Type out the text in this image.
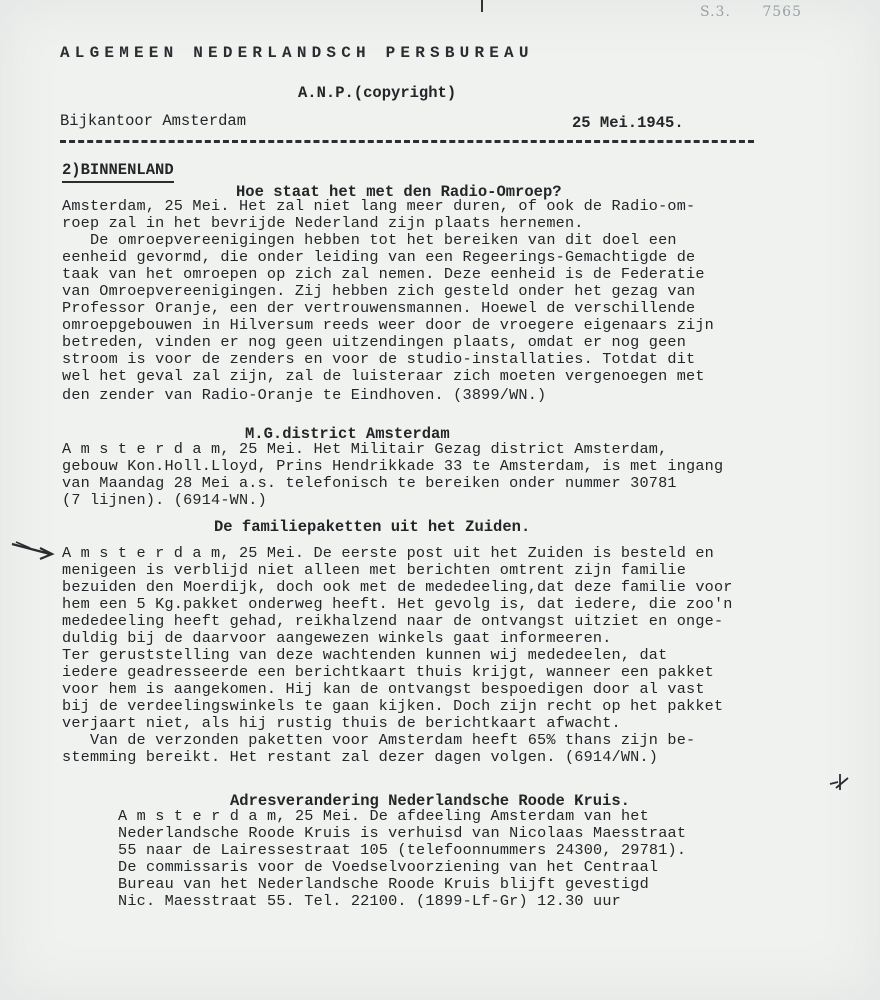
S.3. 7565
ALGEMEEN NEDERLANDSCH PERSBUREAU
A.N.P.(copyright)
Bijkantoor Amsterdam	25 Mei.1945.
2)BINNENLAND
Hoe staat het met den Radio-Omroep?
Amsterdam, 25 Mei. Het zal niet lang meer duren, of ook de Radio-om-
roep zal in het bevrijde Nederland zijn plaats hernemen.
De omroepvereenigingen hebben tot het bereiken van dit doel een
eenheid gevormd, die onder leiding van een Regeerings-Gemachtigde de
taak van het omroepen op zich zal nemen. Deze eenheid is de Federatie
van Omroepvereenigingen. Zij hebben zich gesteld onder het gezag van
Professor Oranje, een der vertrouwensmannen. Hoewel de verschillende
omroepgebouwen in Hilversum reeds weer door de vroegere eigenaars zijn
betreden, vinden er nog geen uitzendingen plaats, omdat er nog geen
stroom is voor de zenders en voor de studio-installaties. Totdat dit
wel het geval zal zijn, zal de luisteraar zich moeten vergenoegen met
den zender van Radio-Oranje te Eindhoven. (3899/WN.)
M.G.district Amsterdam
A m s t e r d a m, 25 Mei. Het Militair Gezag district Amsterdam,
gebouw Kon.Holl.Lloyd, Prins Hendrikkade 33 te Amsterdam, is met ingang
van Maandag 28 Mei a.s. telefonisch te bereiken onder nummer 30781
(7 lijnen). (6914-WN.)
De familiepaketten uit het Zuiden.
A m s t e r d a m, 25 Mei. De eerste post uit het Zuiden is besteld en
menigeen is verblijd niet alleen met berichten omtrent zijn familie
bezuiden den Moerdijk, doch ook met de mededeeling,dat deze familie voor
hem een 5 Kg.pakket onderweg heeft. Het gevolg is, dat iedere, die zoo'n
mededeeling heeft gehad, reikhalzend naar de ontvangst uitziet en onge-
duldig bij de daarvoor aangewezen winkels gaat informeeren.
Ter geruststelling van deze wachtenden kunnen wij mededeelen, dat
iedere geadresseerde een berichtkaart thuis krijgt, wanneer een pakket
voor hem is aangekomen. Hij kan de ontvangst bespoedigen door al vast
bij de verdeelingswinkels te gaan kijken. Doch zijn recht op het pakket
verjaart niet, als hij rustig thuis de berichtkaart afwacht.
Van de verzonden paketten voor Amsterdam heeft 65% thans zijn be-
stemming bereikt. Het restant zal dezer dagen volgen. (6914/WN.)
Adresverandering Nederlandsche Roode Kruis.
A m s t e r d a m, 25 Mei. De afdeeling Amsterdam van het
Nederlandsche Roode Kruis is verhuisd van Nicolaas Maesstraat
55 naar de Lairessestraat 105 (telefoonnummers 24300, 29781).
De commissaris voor de Voedselvoorziening van het Centraal
Bureau van het Nederlandsche Roode Kruis blijft gevestigd
Nic. Maesstraat 55. Tel. 22100. (1899-Lf-Gr) 12.30 uur
